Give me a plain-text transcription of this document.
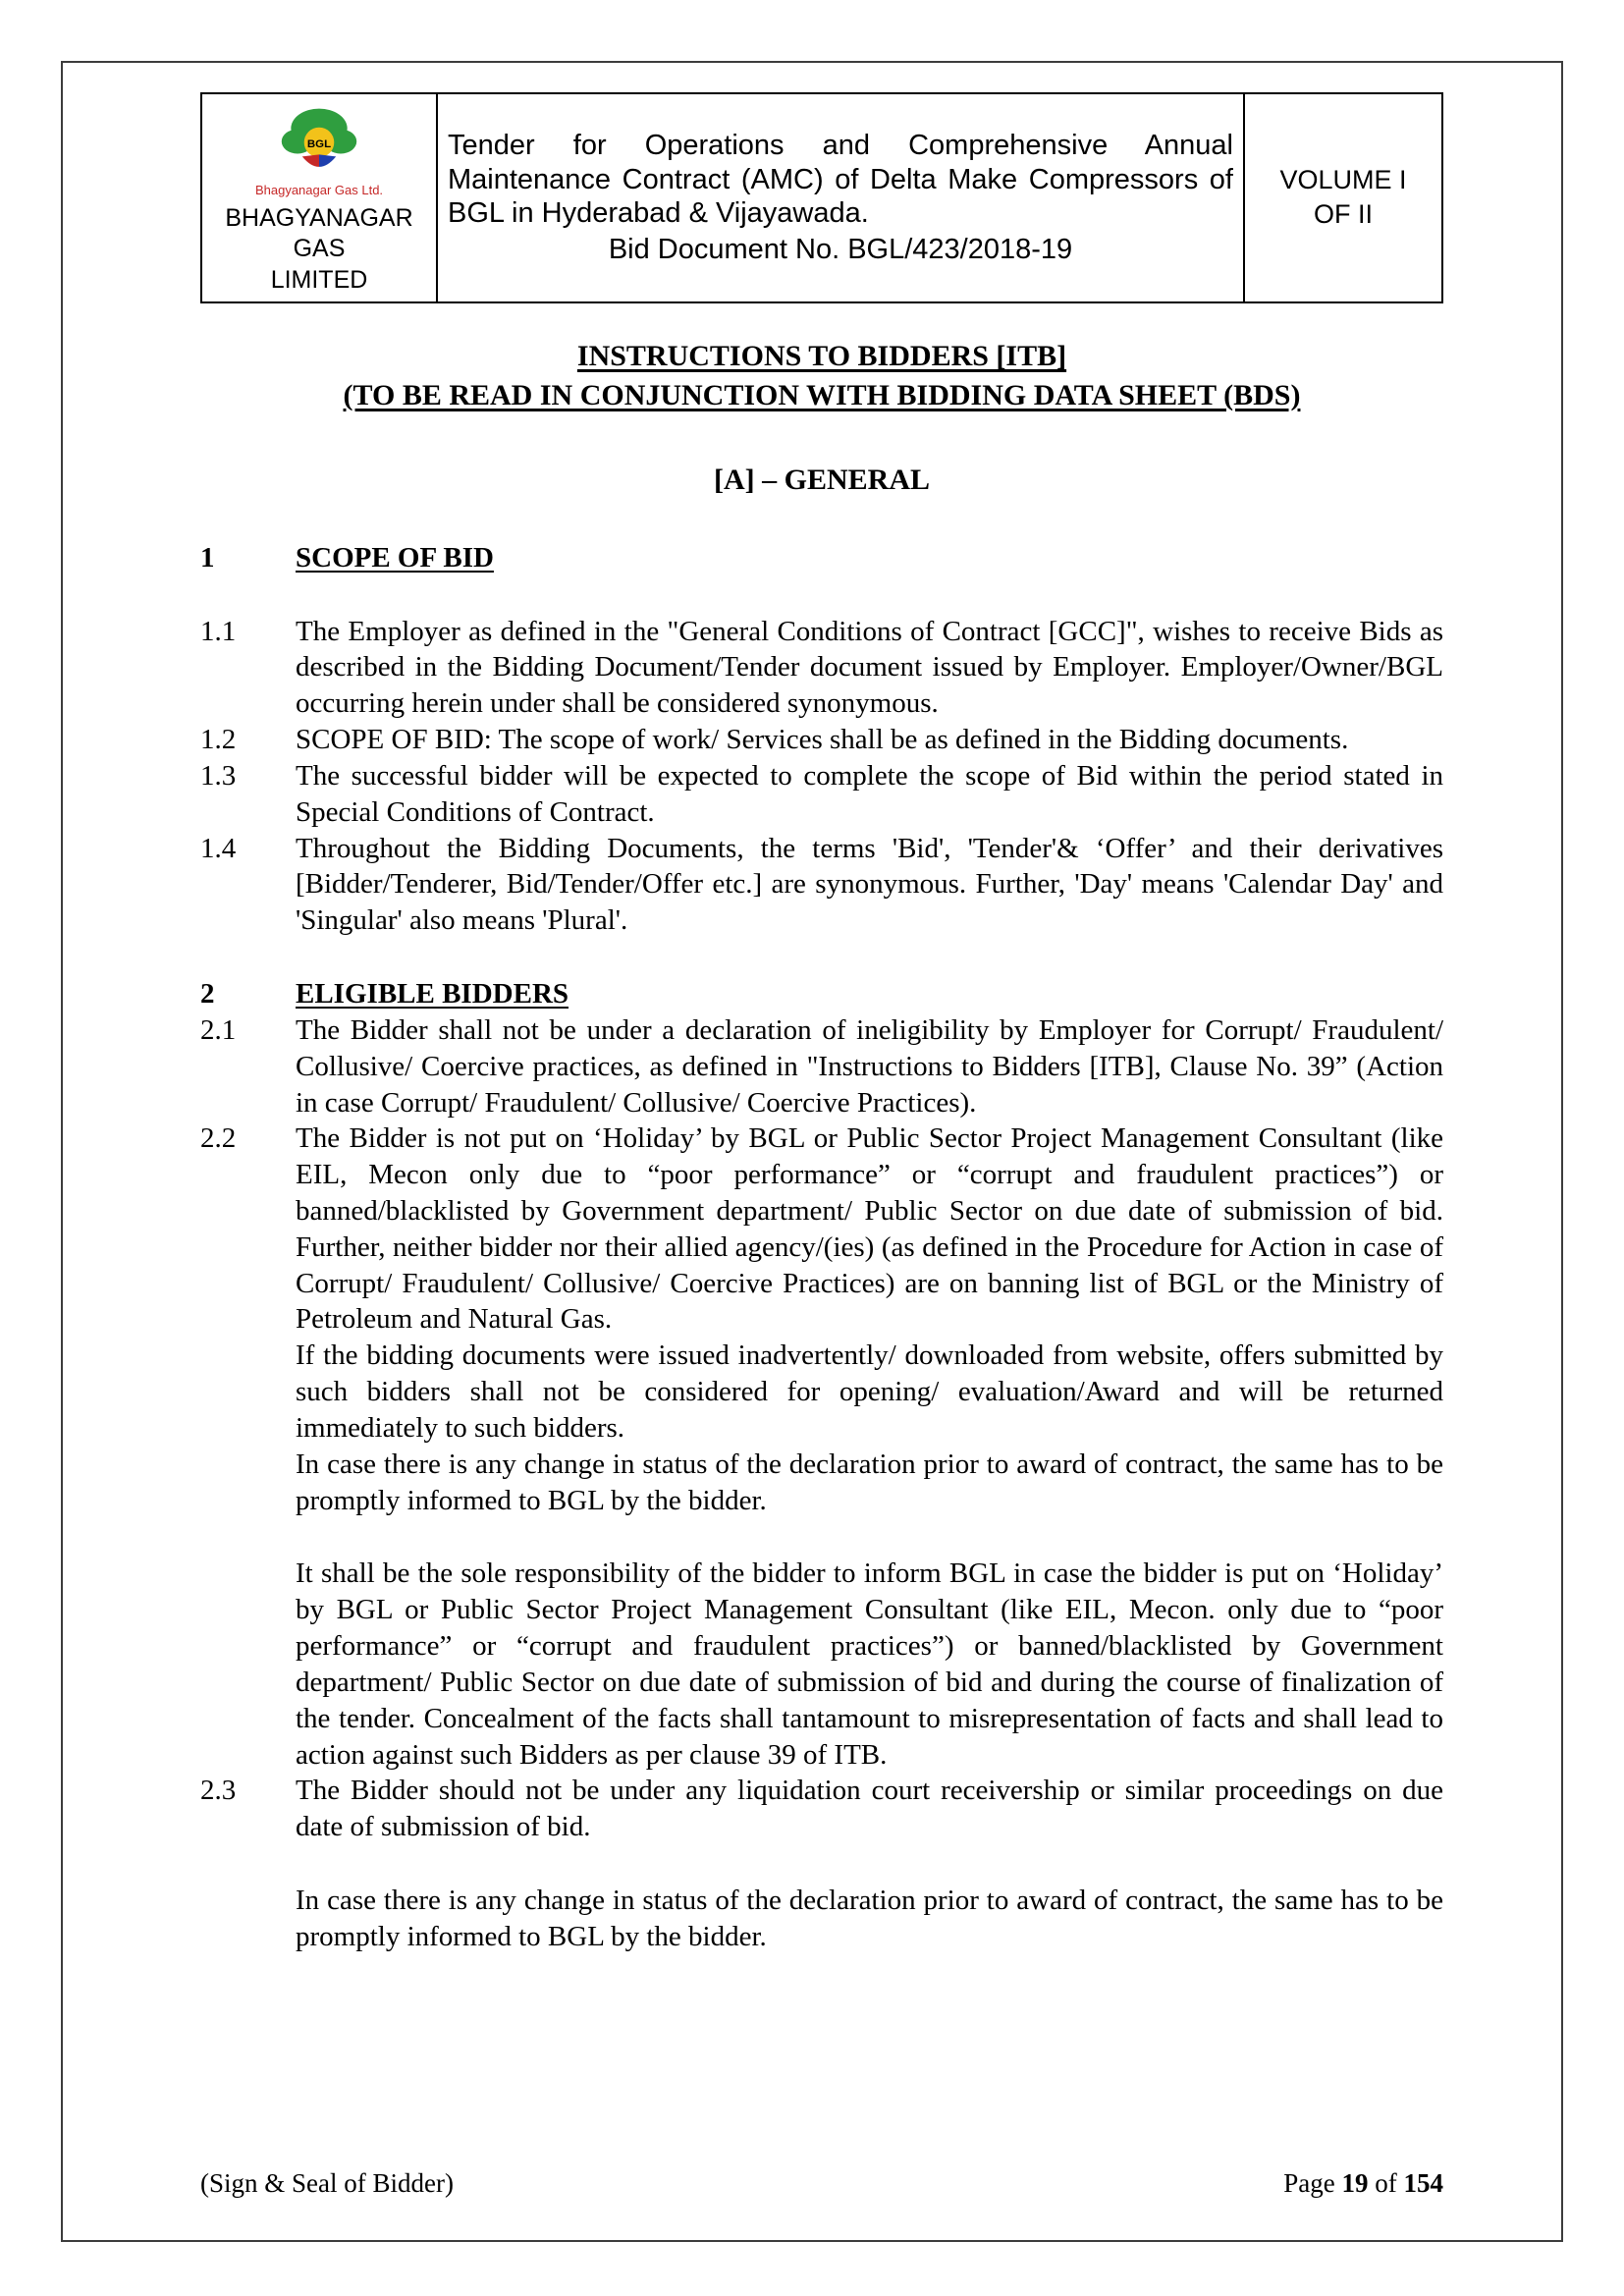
BGL
Bhagyanagar Gas Ltd.
BHAGYANAGAR GAS
LIMITED

Tender for Operations and Comprehensive Annual Maintenance Contract (AMC) of Delta Make Compressors of BGL in Hyderabad & Vijayawada.
Bid Document No. BGL/423/2018-19

VOLUME I
OF II
INSTRUCTIONS TO BIDDERS [ITB]
(TO BE READ IN CONJUNCTION WITH BIDDING DATA SHEET (BDS)
[A] – GENERAL
1	SCOPE OF BID
1.1	The Employer as defined in the "General Conditions of Contract [GCC]", wishes to receive Bids as described in the Bidding Document/Tender document issued by Employer. Employer/Owner/BGL occurring herein under shall be considered synonymous.
1.2	SCOPE OF BID: The scope of work/ Services shall be as defined in the Bidding documents.
1.3	The successful bidder will be expected to complete the scope of Bid within the period stated in Special Conditions of Contract.
1.4	Throughout the Bidding Documents, the terms 'Bid', 'Tender'& ‘Offer’ and their derivatives [Bidder/Tenderer, Bid/Tender/Offer etc.] are synonymous. Further, 'Day' means 'Calendar Day' and 'Singular' also means 'Plural'.
2	ELIGIBLE BIDDERS
2.1	The Bidder shall not be under a declaration of ineligibility by Employer for Corrupt/ Fraudulent/ Collusive/ Coercive practices, as defined in "Instructions to Bidders [ITB], Clause No. 39” (Action in case Corrupt/ Fraudulent/ Collusive/ Coercive Practices).
2.2	The Bidder is not put on ‘Holiday’ by BGL or Public Sector Project Management Consultant (like EIL, Mecon only due to “poor performance” or “corrupt and fraudulent practices”) or banned/blacklisted by Government department/ Public Sector on due date of submission of bid. Further, neither bidder nor their allied agency/(ies) (as defined in the Procedure for Action in case of Corrupt/ Fraudulent/ Collusive/ Coercive Practices) are on banning list of BGL or the Ministry of Petroleum and Natural Gas.
If the bidding documents were issued inadvertently/ downloaded from website, offers submitted by such bidders shall not be considered for opening/ evaluation/Award and will be returned immediately to such bidders.
In case there is any change in status of the declaration prior to award of contract, the same has to be promptly informed to BGL by the bidder.
It shall be the sole responsibility of the bidder to inform BGL in case the bidder is put on ‘Holiday’ by BGL or Public Sector Project Management Consultant (like EIL, Mecon. only due to “poor performance” or “corrupt and fraudulent practices”) or banned/blacklisted by Government department/ Public Sector on due date of submission of bid and during the course of finalization of the tender. Concealment of the facts shall tantamount to misrepresentation of facts and shall lead to action against such Bidders as per clause 39 of ITB.
2.3	The Bidder should not be under any liquidation court receivership or similar proceedings on due date of submission of bid.
In case there is any change in status of the declaration prior to award of contract, the same has to be promptly informed to BGL by the bidder.
(Sign & Seal of Bidder)	Page 19 of 154
